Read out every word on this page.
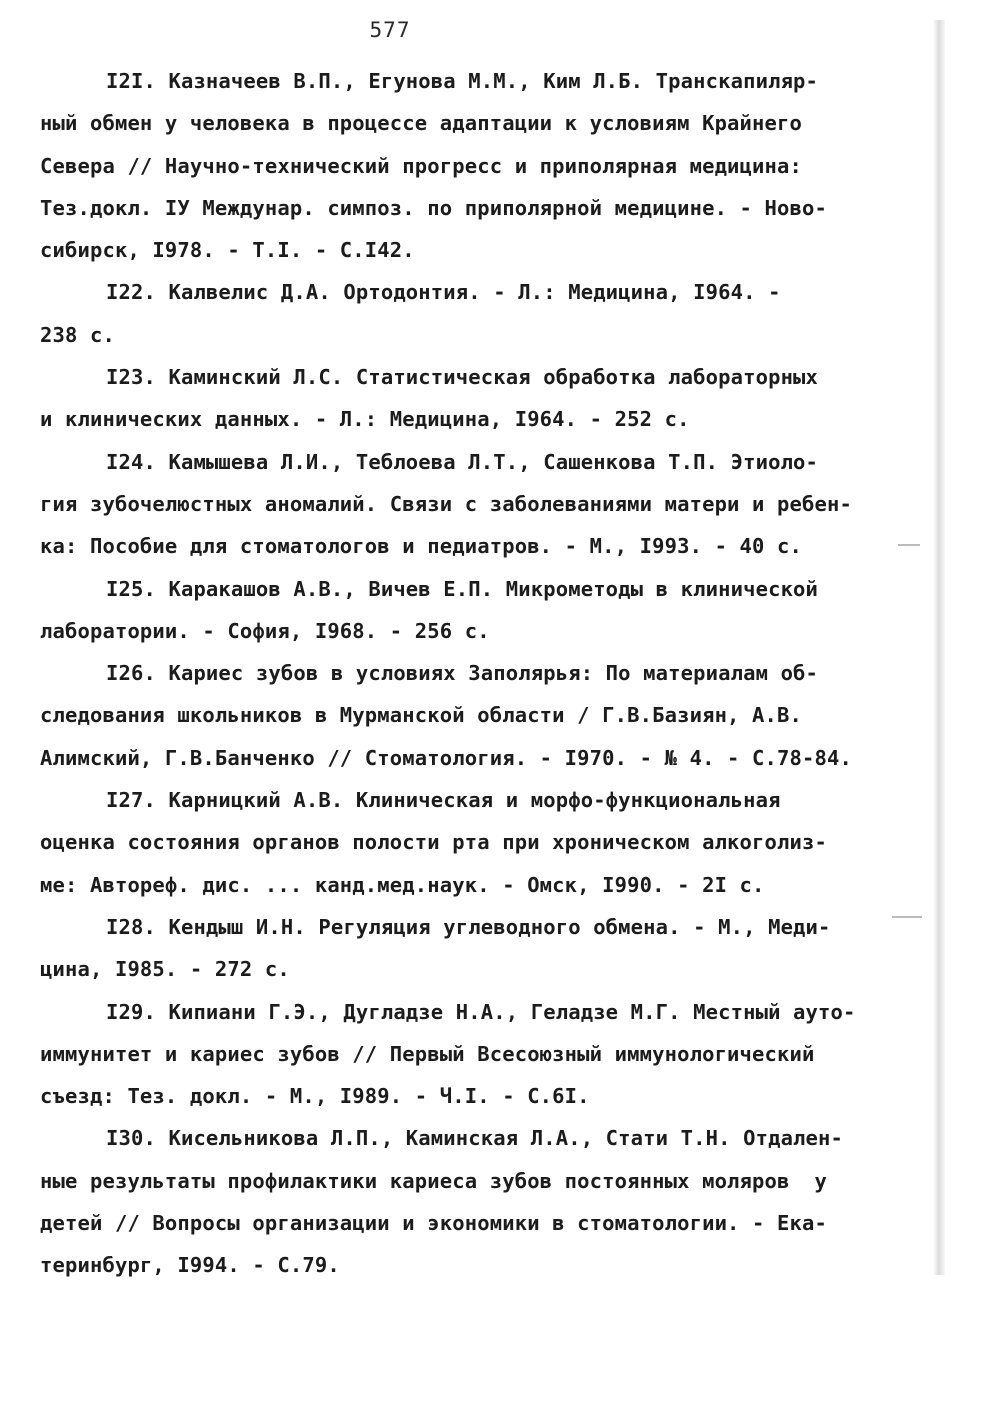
577
I2I. Казначеев В.П., Егунова М.М., Ким Л.Б. Транскапиляр-
ный обмен у человека в процессе адаптации к условиям Крайнего
Севера // Научно-технический прогресс и приполярная медицина:
Тез.докл. IУ Междунар. симпоз. по приполярной медицине. - Ново-
сибирск, I978. - Т.I. - С.I42.
I22. Калвелис Д.А. Ортодонтия. - Л.: Медицина, I964. -
238 с.
I23. Каминский Л.С. Статистическая обработка лабораторных
и клинических данных. - Л.: Медицина, I964. - 252 с.
I24. Камышева Л.И., Теблоева Л.Т., Сашенкова Т.П. Этиоло-
гия зубочелюстных аномалий. Связи с заболеваниями матери и ребен-
ка: Пособие для стоматологов и педиатров. - М., I993. - 40 с.
I25. Каракашов А.В., Вичев Е.П. Микрометоды в клинической
лаборатории. - София, I968. - 256 с.
I26. Кариес зубов в условиях Заполярья: По материалам об-
следования школьников в Мурманской области / Г.В.Базиян, А.В.
Алимский, Г.В.Банченко // Стоматология. - I970. - № 4. - С.78-84.
I27. Карницкий А.В. Клиническая и морфо-функциональная
оценка состояния органов полости рта при хроническом алкоголиз-
ме: Автореф. дис. ... канд.мед.наук. - Омск, I990. - 2I с.
I28. Кендыш И.Н. Регуляция углеводного обмена. - М., Меди-
цина, I985. - 272 с.
I29. Кипиани Г.Э., Дугладзе Н.А., Геладзе М.Г. Местный ауто-
иммунитет и кариес зубов // Первый Всесоюзный иммунологический
съезд: Тез. докл. - М., I989. - Ч.I. - С.6I.
I30. Кисельникова Л.П., Каминская Л.А., Стати Т.Н. Отдален-
ные результаты профилактики кариеса зубов постоянных моляров  у
детей // Вопросы организации и экономики в стоматологии. - Ека-
теринбург, I994. - С.79.
